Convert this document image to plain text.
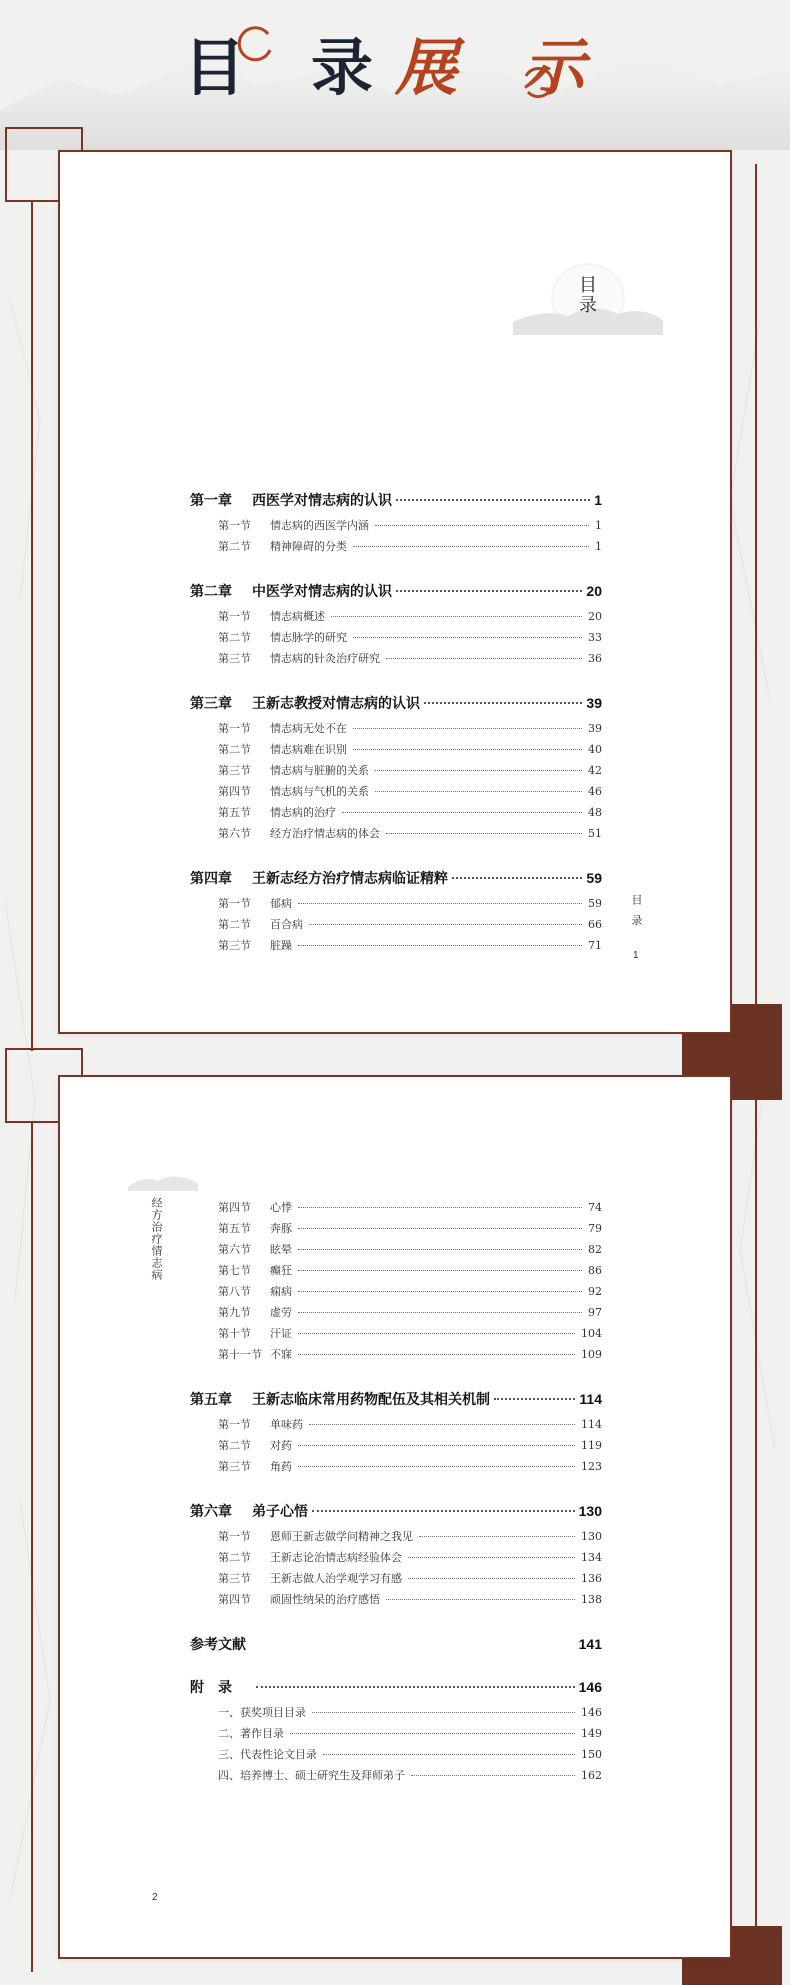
目 录展 示
目
录
目 录
1
第一章	西医学对情志病的认识	1
第一节	情志病的西医学内涵	1
第二节	精神障碍的分类	1
第二章	中医学对情志病的认识	20
第一节	情志病概述	20
第二节	情志脉学的研究	33
第三节	情志病的针灸治疗研究	36
第三章	王新志教授对情志病的认识	39
第一节	情志病无处不在	39
第二节	情志病难在识别	40
第三节	情志病与脏腑的关系	42
第四节	情志病与气机的关系	46
第五节	情志病的治疗	48
第六节	经方治疗情志病的体会	51
第四章	王新志经方治疗情志病临证精粹	59
第一节	郁病	59
第二节	百合病	66
第三节	脏躁	71
经方治疗情志病
2
第四节	心悸	74
第五节	奔豚	79
第六节	眩晕	82
第七节	癫狂	86
第八节	痫病	92
第九节	虚劳	97
第十节	汗证	104
第十一节 不寐	109
第五章	王新志临床常用药物配伍及其相关机制	114
第一节	单味药	114
第二节	对药	119
第三节	角药	123
第六章	弟子心悟	130
第一节	恩师王新志做学问精神之我见	130
第二节	王新志论治情志病经验体会	134
第三节	王新志做人治学观学习有感	136
第四节	顽固性纳呆的治疗感悟	138
参考文献	141
附　录	146
一、获奖项目目录	146
二、著作目录	149
三、代表性论文目录	150
四、培养博士、硕士研究生及拜师弟子	162
